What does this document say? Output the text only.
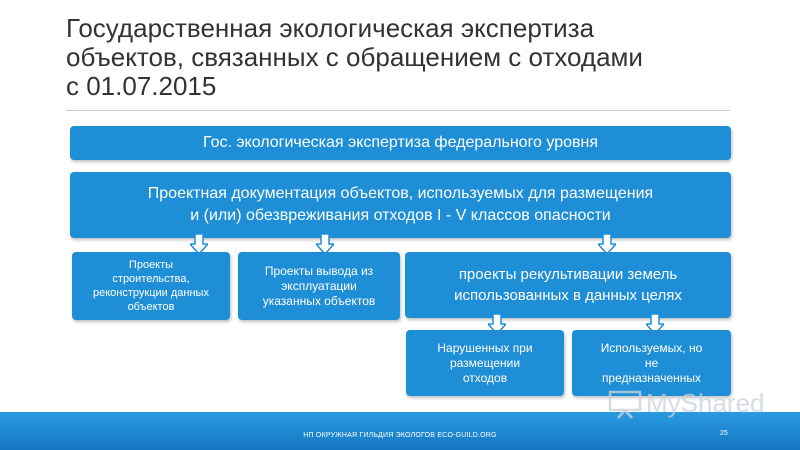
Государственная экологическая экспертиза
объектов, связанных с обращением с отходами
с 01.07.2015
Гос. экологическая экспертиза федерального уровня
Проектная документация объектов, используемых для размещения
и (или) обезвреживания отходов I - V классов опасности
Проекты
строительства,
реконструкции данных
объектов
Проекты вывода из
эксплуатации
указанных объектов
проекты рекультивации земель
использованных в данных целях
Нарушенных при
размещении
отходов
Используемых, но
не
предназначенных
НП ОКРУЖНАЯ ГИЛЬДИЯ ЭКОЛОГОВ ECO-GUILD.ORG	25
MyShared
